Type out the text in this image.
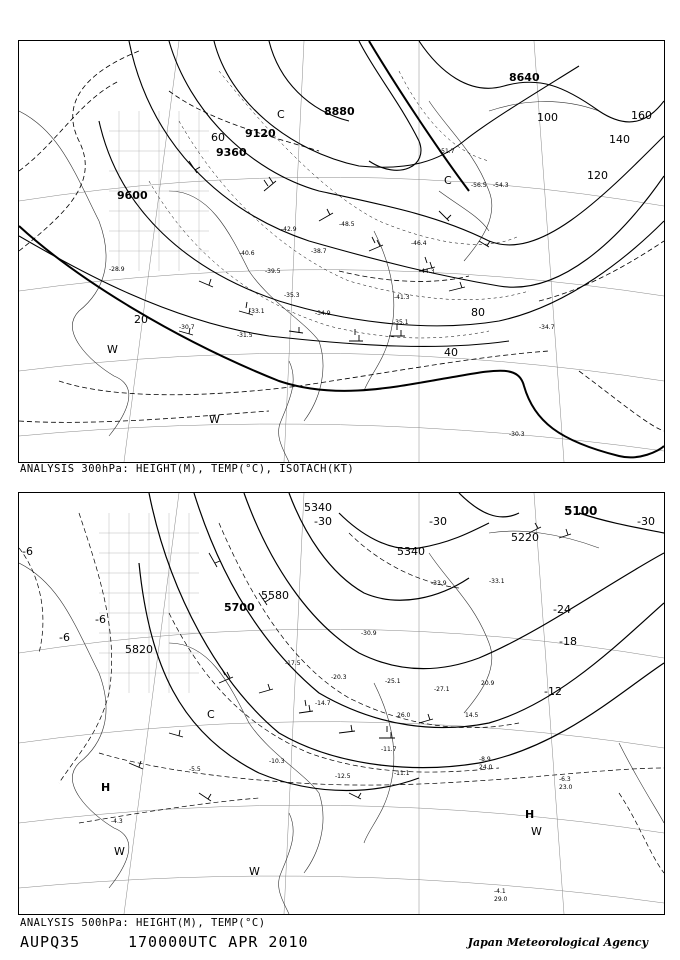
8640
8880
9120
9360
9600
20
40
60
80
100
120
140
160
C
C
W
W
-51.7
-56.5 -54.3
-48.5
-46.4
-44.3
-41.3
-35.1
-34.9
-33.1
-31.5
-30.7
-28.9
-30.3
-34.7
-35.3
-39.5
-42.9
-40.6	-38.7
ANALYSIS 300hPa: HEIGHT(M), TEMP(°C), ISOTACH(KT)
5100
5220
5340
5340
5580
5700
5820
-30	-30	-30
-24
-18
-12
-6
-6
-6
H
H
C
W
W
W
-33.1
-33.9
-30.9
-27.1
-25.1
-20.3
-17.5
-14.7
-11.7
-11.1
-12.5
-10.3	-8.9
-6.3
-5.5
-4.3
-4.1
20.9
14.5
26.0
29.0
24.0
23.0
ANALYSIS 500hPa: HEIGHT(M), TEMP(°C)
AUPQ35	170000UTC APR 2010	Japan Meteorological Agency
